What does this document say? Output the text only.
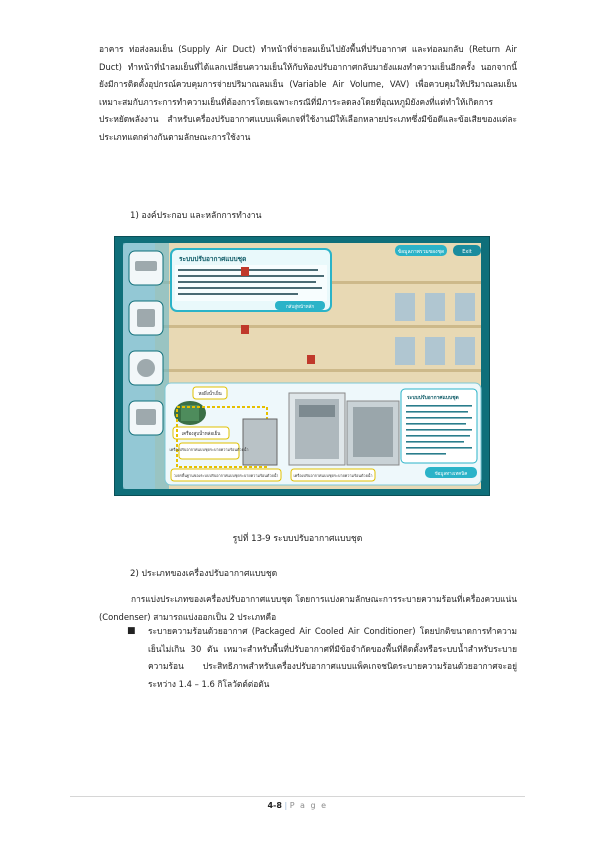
อาคาร ท่อส่งลมเย็น (Supply Air Duct) ทำหน้าที่จ่ายลมเย็นไปยังพื้นที่ปรับอากาศ และท่อลมกลับ (Return Air Duct) ทำหน้าที่นำลมเย็นที่ได้แลกเปลี่ยนความเย็นให้กับห้องปรับอากาศกลับมายังแผงทำความเย็นอีกครั้ง นอกจากนี้ยังมีการติดตั้งอุปกรณ์ควบคุมการจ่ายปริมาณลมเย็น (Variable Air Volume, VAV) เพื่อควบคุมให้ปริมาณลมเย็นเหมาะสมกับภาระการทำความเย็นที่ต้องการโดยเฉพาะกรณีที่มีภาระลดลงโดยที่อุณหภูมิยังคงที่แต่ทำให้เกิดการประหยัดพลังงาน สำหรับเครื่องปรับอากาศแบบแพ็คเกจที่ใช้งานมีให้เลือกหลายประเภทซึ่งมีข้อดีและข้อเสียของแต่ละประเภทแตกต่างกันตามลักษณะการใช้งาน

1) องค์ประกอบ และหลักการทำงาน

ข้อมูลภาพรวมของชุด	Exit
ระบบปรับอากาศแบบชุด
กลับสู่หน้าหลัก
หอผึ่งน้ำเย็น
เครื่องสูบน้ำหล่อเย็น
เครื่องปรับอากาศแบบชุดระบายความร้อนด้วยน้ำ
วงจรพื้นฐานของระบบปรับอากาศแบบชุดระบายความร้อนด้วยน้ำ	เครื่องปรับอากาศแบบชุดระบายความร้อนด้วยน้ำ
ระบบปรับอากาศแบบชุด
ข้อมูลทางเทคนิค

รูปที่ 13-9 ระบบปรับอากาศแบบชุด

2) ประเภทของเครื่องปรับอากาศแบบชุด

การแบ่งประเภทของเครื่องปรับอากาศแบบชุด โดยการแบ่งตามลักษณะการระบายความร้อนที่เครื่องควบแน่น (Condenser) สามารถแบ่งออกเป็น 2 ประเภทคือ

■	ระบายความร้อนด้วยอากาศ (Packaged Air Cooled Air Conditioner) โดยปกติขนาดการทำความเย็นไม่เกิน 30 ตัน เหมาะสำหรับพื้นที่ปรับอากาศที่มีข้อจำกัดของพื้นที่ติดตั้งหรือระบบน้ำสำหรับระบายความร้อน ประสิทธิภาพสำหรับเครื่องปรับอากาศแบบแพ็คเกจชนิดระบายความร้อนด้วยอากาศจะอยู่ระหว่าง 1.4 – 1.6 กิโลวัตต์ต่อตัน

4-8 | P a g e
